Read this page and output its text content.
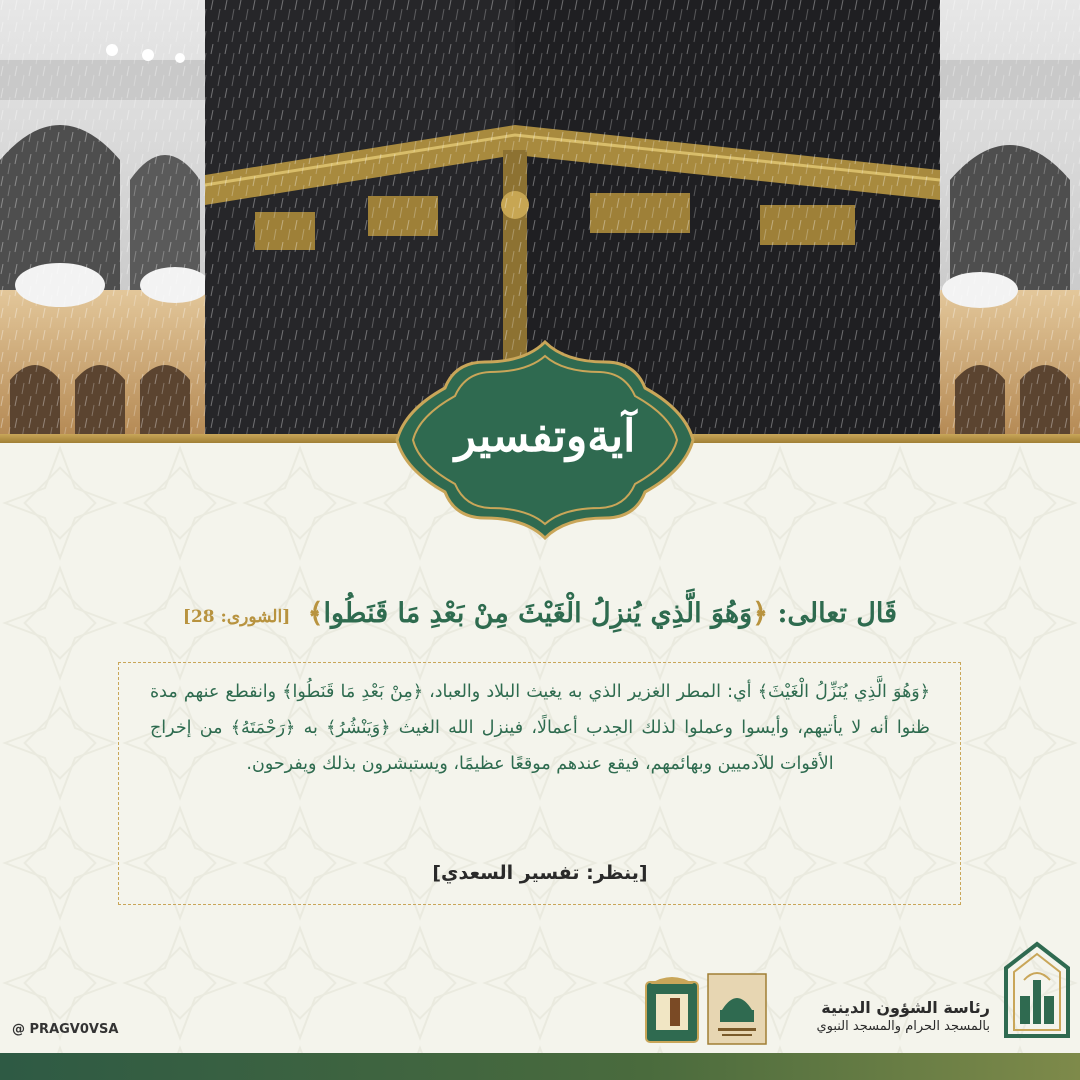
آيةوتفسير
قَال تعالى: ﴿وَهُوَ الَّذِي يُنزِلُ الْغَيْثَ مِنْ بَعْدِ مَا قَنَطُوا﴾ [الشورى: 28]
﴿وَهُوَ الَّذِي يُنَزِّلُ الْغَيْثَ﴾ أي: المطر الغزير الذي به يغيث البلاد والعباد، ﴿مِنْ بَعْدِ مَا قَنَطُوا﴾ وانقطع عنهم مدة ظنوا أنه لا يأتيهم، وأيسوا وعملوا لذلك الجدب أعمالًا، فينزل الله الغيث ﴿وَيَنْشُرُ﴾ به ﴿رَحْمَتَهُ﴾ من إخراج الأقوات للآدميين وبهائمهم، فيقع عندهم موقعًا عظيمًا، ويستبشرون بذلك ويفرحون.
[ينظر: تفسير السعدي]
@ PRAGV0VSA
رئاسة الشؤون الدينية
بالمسجد الحرام والمسجد النبوي
